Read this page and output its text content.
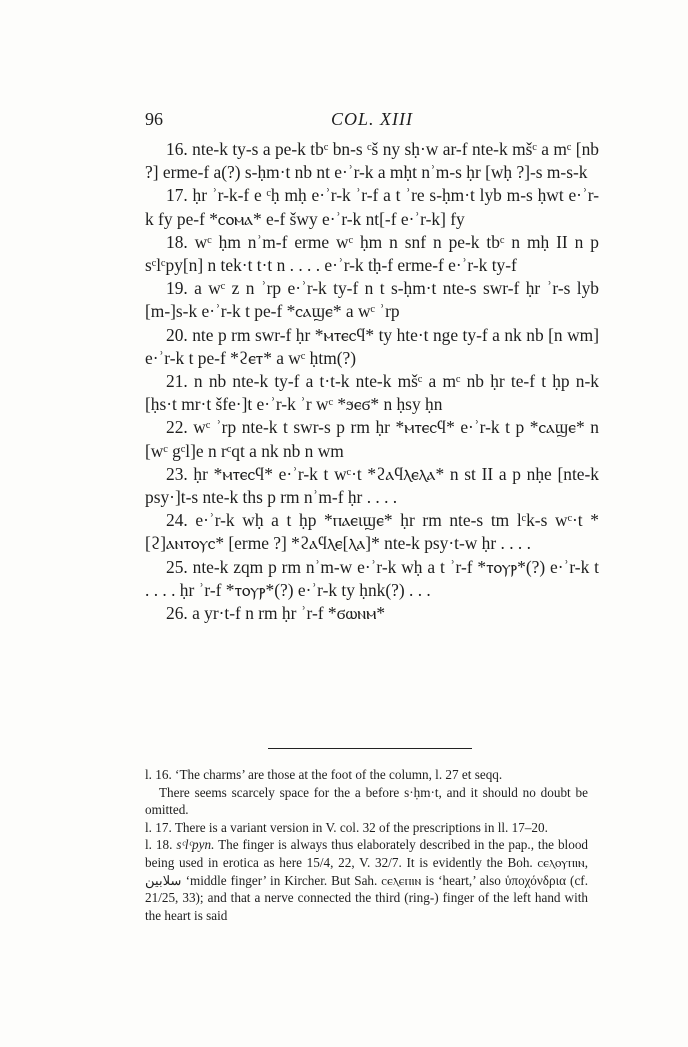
96	COL. XIII

16. nte-k ty-s a pe-k tbᶜ bn-s ᶜš ny sḥ·w ar-f nte-k mšᶜ a mᶜ [nb ?] erme-f a(?) s-ḥm·t nb nt e·ʾr-k a mḥt nʾm-s ḥr [wḥ ?]-s m-s-k

17. ḥr ʾr-k-f e ᶜḥ mḥ e·ʾr-k ʾr-f a t ʾre s-ḥm·t lyb m-s ḥwt e·ʾr-k fy pe-f *ⲥⲟⲙⲁ* e-f šwy e·ʾr-k nt[-f e·ʾr-k] fy

18. wᶜ ḥm nʾm-f erme wᶜ ḥm n snf n pe-k tbᶜ n mḥ II n p sᶜlᶜpy[n] n tek·t t·t n . . . . e·ʾr-k tḥ-f erme-f e·ʾr-k ty-f

19. a wᶜ z n ʾrp e·ʾr-k ty-f n t s-ḥm·t nte-s swr-f ḥr ʾr-s lyb [m-]s-k e·ʾr-k t pe-f *ⲥⲁϣⲉ* a wᶜ ʾrp

20. nte p rm swr-f ḥr *ⲙⲧⲉⲥϥ* ty hte·t nge ty-f a nk nb [n wm] e·ʾr-k t pe-f *ϩⲉⲧ* a wᶜ ḥtm(?)

21. n nb nte-k ty-f a t·t-k nte-k mšᶜ a mᶜ nb ḥr te-f t ḥp n-k [ḥs·t mr·t šfe·]t e·ʾr-k ʾr wᶜ *ϧⲉϭ* n ḥsy ḥn

22. wᶜ ʾrp nte-k t swr-s p rm ḥr *ⲙⲧⲉⲥϥ* e·ʾr-k t p *ⲥⲁϣⲉ* n [wᶜ gᶜl]e n rᶜqt a nk nb n wm

23. ḥr *ⲙⲧⲉⲥϥ* e·ʾr-k t wᶜ·t *ϩⲁϥⲗⲉⲗⲁ* n st II a p nḥe [nte-k psy·]t-s nte-k ths p rm nʾm-f ḥr . . . .

24. e·ʾr-k wḥ a t ḥp *ⲡⲁⲉιϣⲉ* ḥr rm nte-s tm lᶜk-s wᶜ·t *[ϩ]ⲁⲛⲧⲟⲩⲥ* [erme ?] *ϩⲁϥⲗⲉ[ⲗⲁ]* nte-k psy·t-w ḥr . . . .

25. nte-k zqm p rm nʾm-w e·ʾr-k wḥ a t ʾr-f *ⲧⲟⲩⲣ*(?) e·ʾr-k t . . . . ḥr ʾr-f *ⲧⲟⲩⲣ*(?) e·ʾr-k ty ḥnk(?) . . .

26. a yr·t-f n rm ḥr ʾr-f *ϭⲱⲛⲙ*

l. 16. ‘The charms’ are those at the foot of the column, l. 27 et seqq.

There seems scarcely space for the a before s·ḥm·t, and it should no doubt be omitted.

l. 17. There is a variant version in V. col. 32 of the prescriptions in ll. 17–20.

l. 18. sᶜlᶜpyn. The finger is always thus elaborately described in the pap., the blood being used in erotica as here 15/4, 22, V. 32/7. It is evidently the Boh. ⲥⲉⲗⲟⲩⲡⲓⲛ, سلابين ‘middle finger’ in Kircher. But Sah. ⲥⲉⲗⲉⲡⲓⲛ is ‘heart,’ also ὑποχόνδρια (cf. 21/25, 33); and that a nerve connected the third (ring-) finger of the left hand with the heart is said
